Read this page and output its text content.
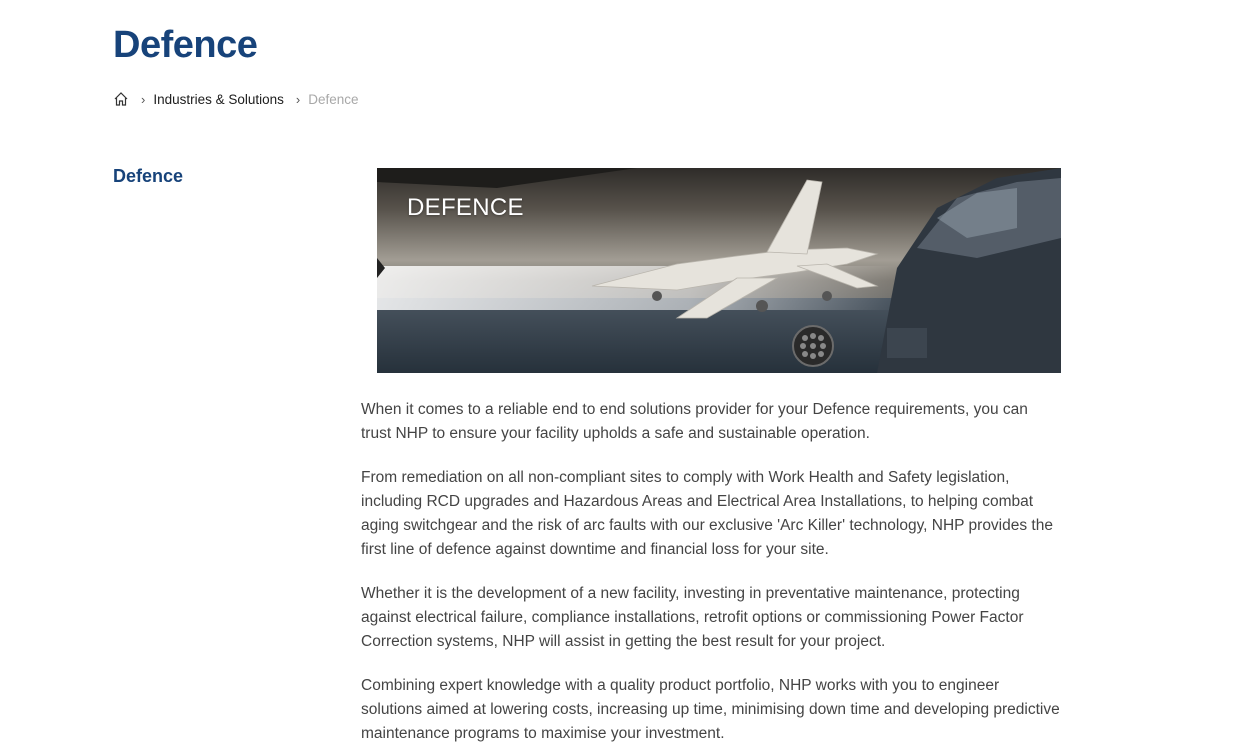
Defence
› Industries & Solutions › Defence
Defence
DEFENCE

When it comes to a reliable end to end solutions provider for your Defence requirements, you can trust NHP to ensure your facility upholds a safe and sustainable operation.

From remediation on all non-compliant sites to comply with Work Health and Safety legislation, including RCD upgrades and Hazardous Areas and Electrical Area Installations, to helping combat aging switchgear and the risk of arc faults with our exclusive 'Arc Killer' technology, NHP provides the first line of defence against downtime and financial loss for your site.

Whether it is the development of a new facility, investing in preventative maintenance, protecting against electrical failure, compliance installations, retrofit options or commissioning Power Factor Correction systems, NHP will assist in getting the best result for your project.

Combining expert knowledge with a quality product portfolio, NHP works with you to engineer solutions aimed at lowering costs, increasing up time, minimising down time and developing predictive maintenance programs to maximise your investment.
